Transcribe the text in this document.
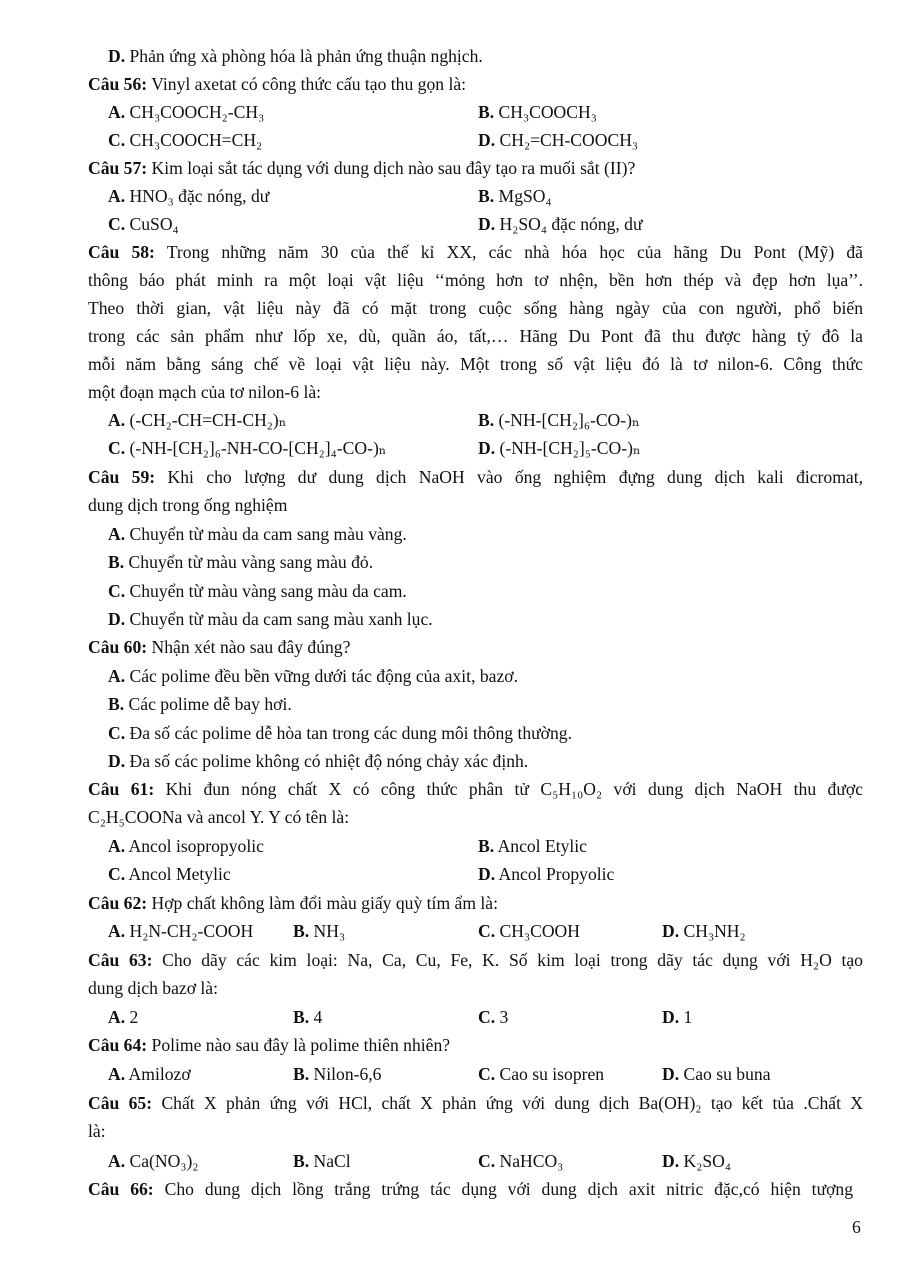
D. Phản ứng xà phòng hóa là phản ứng thuận nghịch.
Câu 56: Vinyl axetat có công thức cấu tạo thu gọn là:
A. CH₃COOCH₂-CH₃	B. CH₃COOCH₃
C. CH₃COOCH=CH₂	D. CH₂=CH-COOCH₃
Câu 57: Kim loại sắt tác dụng với dung dịch nào sau đây tạo ra muối sắt (II)?
A. HNO₃ đặc nóng, dư	B. MgSO₄
C. CuSO₄	D. H₂SO₄ đặc nóng, dư
Câu 58: Trong những năm 30 của thế kỉ XX, các nhà hóa học của hãng Du Pont (Mỹ) đã
thông báo phát minh ra một loại vật liệu ‘‘mỏng hơn tơ nhện, bền hơn thép và đẹp hơn lụa’’.
Theo thời gian, vật liệu này đã có mặt trong cuộc sống hàng ngày của con người, phổ biến
trong các sản phẩm như lốp xe, dù, quần áo, tất,… Hãng Du Pont đã thu được hàng tỷ đô la
mỗi năm bằng sáng chế về loại vật liệu này. Một trong số vật liệu đó là tơ nilon-6. Công thức
một đoạn mạch của tơ nilon-6 là:
A. (-CH₂-CH=CH-CH₂)ₙ	B. (-NH-[CH₂]₆-CO-)ₙ
C. (-NH-[CH₂]₆-NH-CO-[CH₂]₄-CO-)ₙ	D. (-NH-[CH₂]₅-CO-)ₙ
Câu 59: Khi cho lượng dư dung dịch NaOH vào ống nghiệm đựng dung dịch kali đicromat,
dung dịch trong ống nghiệm
A. Chuyển từ màu da cam sang màu vàng.
B. Chuyển từ màu vàng sang màu đỏ.
C. Chuyển từ màu vàng sang màu da cam.
D. Chuyển từ màu da cam sang màu xanh lục.
Câu 60: Nhận xét nào sau đây đúng?
A. Các polime đều bền vững dưới tác động của axit, bazơ.
B. Các polime dễ bay hơi.
C. Đa số các polime dễ hòa tan trong các dung môi thông thường.
D. Đa số các polime không có nhiệt độ nóng chảy xác định.
Câu 61: Khi đun nóng chất X có công thức phân tử C₅H₁₀O₂ với dung dịch NaOH thu được
C₂H₅COONa và ancol Y. Y có tên là:
A. Ancol isopropyolic	B. Ancol Etylic
C. Ancol Metylic	D. Ancol Propyolic
Câu 62: Hợp chất không làm đổi màu giấy quỳ tím ẩm là:
A. H₂N-CH₂-COOH B. NH₃	C. CH₃COOH	D. CH₃NH₂
Câu 63: Cho dãy các kim loại: Na, Ca, Cu, Fe, K. Số kim loại trong dãy tác dụng với H₂O tạo
dung dịch bazơ là:
A. 2	B. 4	C. 3	D. 1
Câu 64: Polime nào sau đây là polime thiên nhiên?
A. Amilozơ	B. Nilon-6,6	C. Cao su isopren	D. Cao su buna
Câu 65: Chất X phản ứng với HCl, chất X phản ứng với dung dịch Ba(OH)₂ tạo kết tủa .Chất X
là:
A. Ca(NO₃)₂	B. NaCl	C. NaHCO₃	D. K₂SO₄
Câu 66: Cho dung dịch lồng trắng trứng tác dụng với dung dịch axit nitric đặc,có hiện tượng
6
